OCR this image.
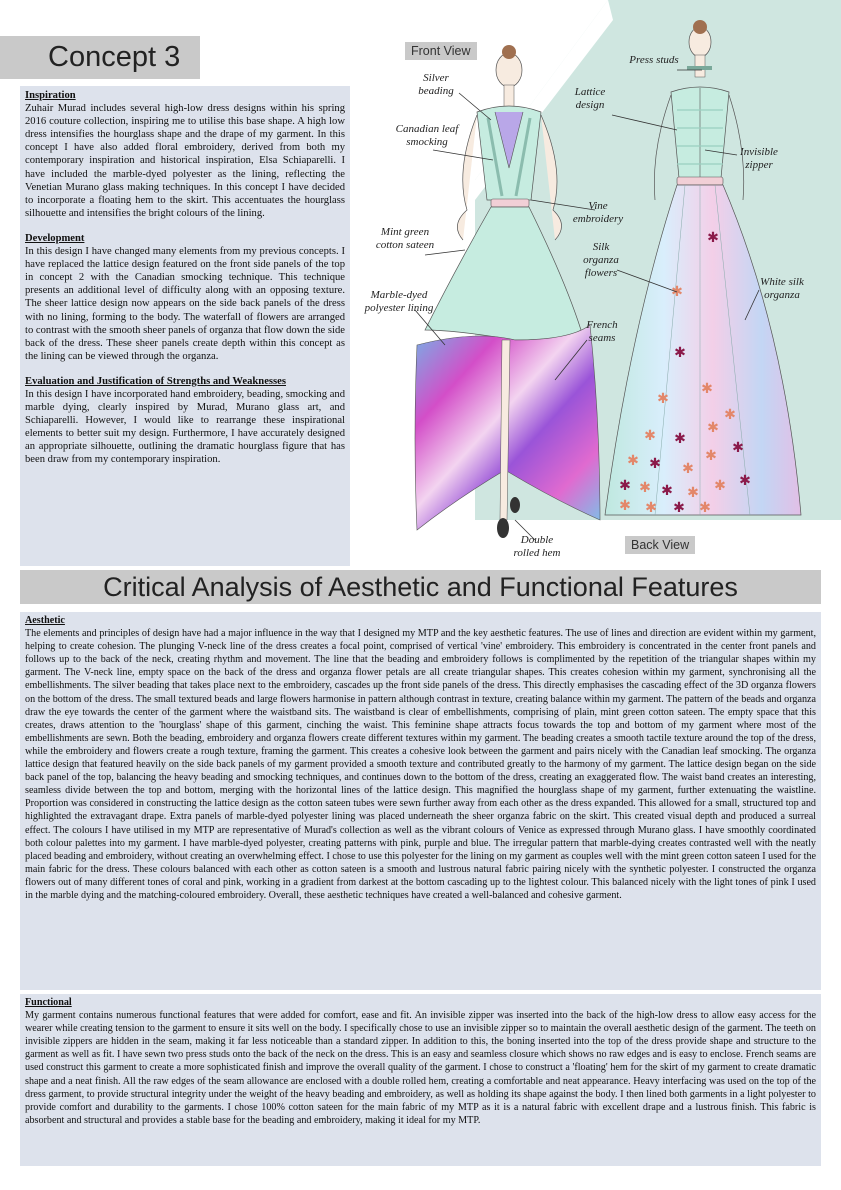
Concept 3

Inspiration

Zuhair Murad includes several high-low dress designs within his spring 2016 couture collection, inspiring me to utilise this base shape. A high low dress intensifies the hourglass shape and the drape of my garment. In this concept I have also added floral embroidery, derived from both my contemporary inspiration and historical inspiration, Elsa Schiaparelli. I have included the marble-dyed polyester as the lining, reflecting the Venetian Murano glass making techniques. In this concept I have decided to incorporate a floating hem to the skirt. This accentuates the hourglass silhouette and intensifies the bright colours of the lining.

Development

In this design I have changed many elements from my previous concepts. I have replaced the lattice design featured on the front side panels of the top in concept 2 with the Canadian smocking technique. This technique presents an additional level of difficulty along with an opposing texture. The sheer lattice design now appears on the side back panels of the dress with no lining, forming to the body. The waterfall of flowers are arranged to contrast with the smooth sheer panels of organza that flow down the side back of the dress. These sheer panels create depth within this concept as the lining can be viewed through the organza.

Evaluation and Justification of Strengths and Weaknesses

In this design I have incorporated hand embroidery, beading, smocking and marble dying, clearly inspired by Murad, Murano glass art, and Schiaparelli. However, I would like to rearrange these inspirational elements to better suit my design. Furthermore, I have accurately designed an appropriate silhouette, outlining the dramatic hourglass figure that has been draw from my contemporary inspiration.

✱
✱
✱
✱
✱
✱ ✱
✱
✱
✱ ✱ ✱
✱ ✱
✱ ✱ ✱ ✱ ✱ ✱
✱ ✱ ✱ ✱
Front View
Back View
Silver beading
Canadian leaf smocking
Mint green cotton sateen
Marble-dyed polyester lining
Vine embroidery
French seams
Double rolled hem
Press studs
Lattice design
Invisible zipper
Silk organza flowers
White silk organza
Critical Analysis of Aesthetic and Functional Features

Aesthetic

The elements and principles of design have had a major influence in the way that I designed my MTP and the key aesthetic features. The use of lines and direction are evident within my garment, helping to create cohesion. The plunging V-neck line of the dress creates a focal point, comprised of vertical 'vine' embroidery. This embroidery is concentrated in the center front panels and follows up to the back of the neck, creating rhythm and movement. The line that the beading and embroidery follows is complimented by the repetition of the triangular shapes within my garment. The V-neck line, empty space on the back of the dress and organza flower petals are all create triangular shapes. This creates cohesion within my garment, synchronising all the embellishments. The silver beading that takes place next to the embroidery, cascades up the front side panels of the dress. This directly emphasises the cascading effect of the 3D organza flowers on the bottom of the dress. The small textured beads and large flowers harmonise in pattern although contrast in texture, creating balance within my garment. The pattern of the beads and organza draw the eye towards the center of the garment where the waistband sits. The waistband is clear of embellishments, comprising of plain, mint green cotton sateen. The empty space that this creates, draws attention to the 'hourglass' shape of this garment, cinching the waist. This feminine shape attracts focus towards the top and bottom of my garment where most of the embellishments are sewn. Both the beading, embroidery and organza flowers create different textures within my garment. The beading creates a smooth tactile texture around the top of the dress, while the embroidery and flowers create a rough texture, framing the garment. This creates a cohesive look between the garment and pairs nicely with the Canadian leaf smocking. The organza lattice design that featured heavily on the side back panels of my garment provided a smooth texture and contributed greatly to the harmony of my garment. The lattice design began on the side back panel of the top, balancing the heavy beading and smocking techniques, and continues down to the bottom of the dress, creating an exaggerated flow. The waist band creates an interesting, seamless divide between the top and bottom, merging with the horizontal lines of the lattice design. This magnified the hourglass shape of my garment, further extenuating the waistline. Proportion was considered in constructing the lattice design as the cotton sateen tubes were sewn further away from each other as the dress expanded. This allowed for a small, structured top and highlighted the extravagant drape. Extra panels of marble-dyed polyester lining was placed underneath the sheer organza fabric on the skirt. This created visual depth and produced a surreal effect. The colours I have utilised in my MTP are representative of Murad's collection as well as the vibrant colours of Venice as expressed through Murano glass. I have smoothly coordinated both colour palettes into my garment. I have marble-dyed polyester, creating patterns with pink, purple and blue. The irregular pattern that marble-dying creates contrasted well with the neatly placed beading and embroidery, without creating an overwhelming effect. I chose to use this polyester for the lining on my garment as couples well with the mint green cotton sateen I used for the main fabric for the dress. These colours balanced with each other as cotton sateen is a smooth and lustrous natural fabric pairing nicely with the synthetic polyester. I constructed the organza flowers out of many different tones of coral and pink, working in a gradient from darkest at the bottom cascading up to the lightest colour. This balanced nicely with the light tones of pink I used in the marble dying and the matching-coloured embroidery. Overall, these aesthetic techniques have created a well-balanced and cohesive garment.

Functional

My garment contains numerous functional features that were added for comfort, ease and fit. An invisible zipper was inserted into the back of the high-low dress to allow easy access for the wearer while creating tension to the garment to ensure it sits well on the body. I specifically chose to use an invisible zipper so to maintain the overall aesthetic design of the garment. The teeth on invisible zippers are hidden in the seam, making it far less noticeable than a standard zipper. In addition to this, the boning inserted into the top of the dress provide shape and structure to the garment as well as fit. I have sewn two press studs onto the back of the neck on the dress. This is an easy and seamless closure which shows no raw edges and is easy to enclose. French seams are used construct this garment to create a more sophisticated finish and improve the overall quality of the garment. I chose to construct a 'floating' hem for the skirt of my garment to create dramatic shape and a neat finish. All the raw edges of the seam allowance are enclosed with a double rolled hem, creating a comfortable and neat appearance. Heavy interfacing was used on the top of the dress garment, to provide structural integrity under the weight of the heavy beading and embroidery, as well as holding its shape against the body. I then lined both garments in a light polyester to provide comfort and durability to the garments. I chose 100% cotton sateen for the main fabric of my MTP as it is a natural fabric with excellent drape and a lustrous finish. This fabric is absorbent and structural and provides a stable base for the beading and embroidery, making it ideal for my MTP.
